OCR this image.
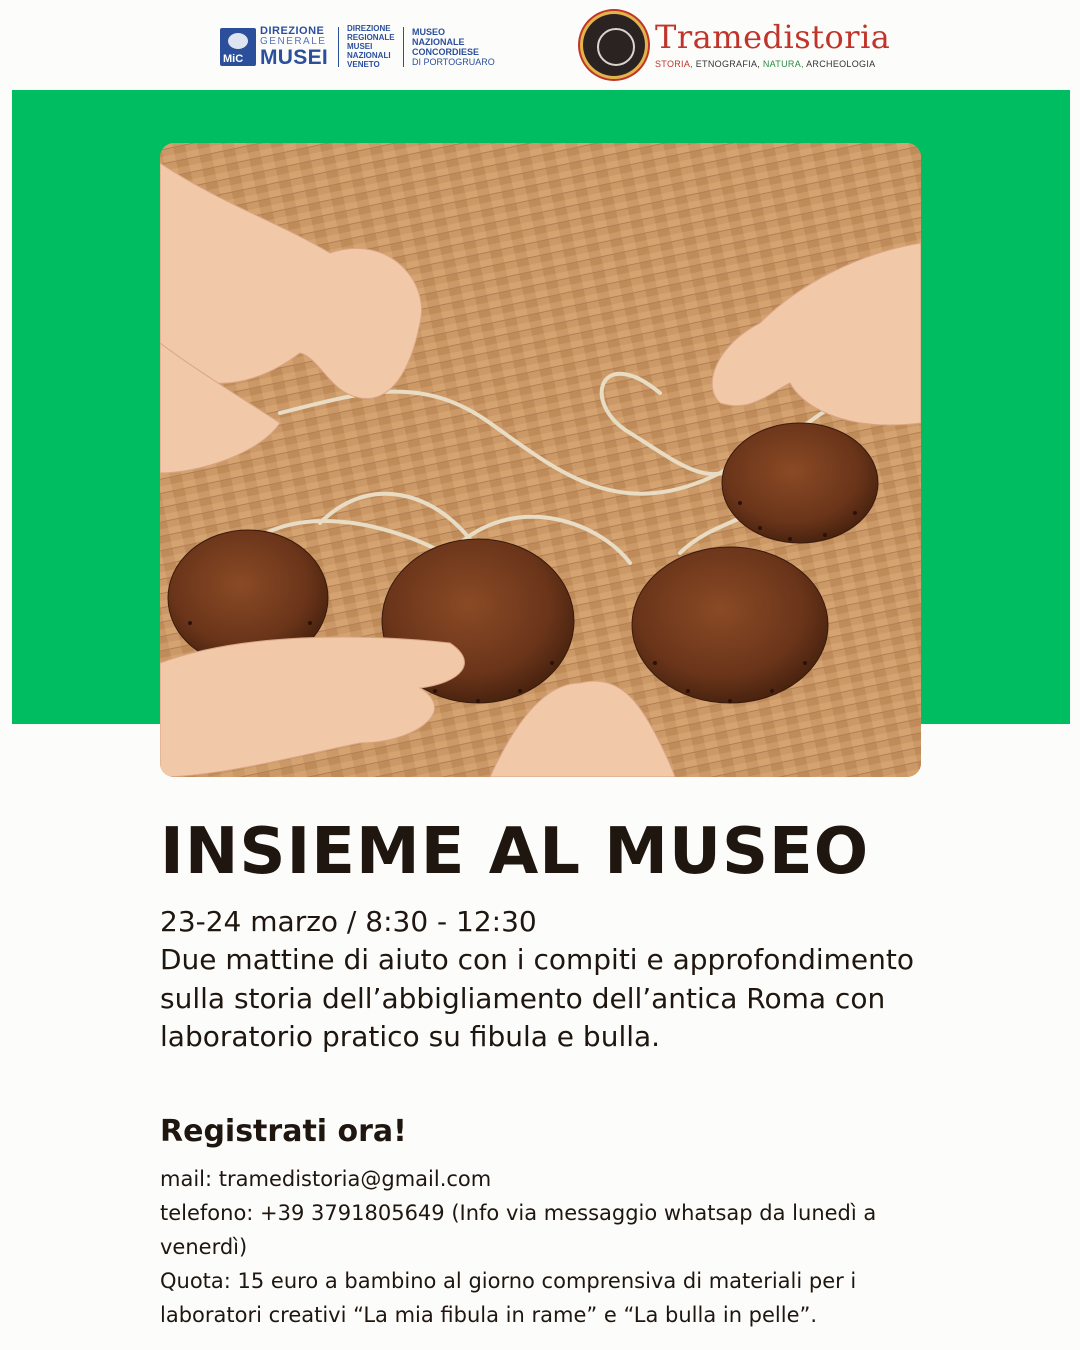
MiC
DIREZIONE
GENERALE
MUSEI
DIREZIONE
REGIONALE
MUSEI
NAZIONALI
VENETO
MUSEO
NAZIONALE
CONCORDIESE
DI PORTOGRUARO
Tramedistoria
STORIA, ETNOGRAFIA, NATURA, ARCHEOLOGIA
INSIEME AL MUSEO
23-24 marzo / 8:30 - 12:30

Due mattine di aiuto con i compiti e approfondimento sulla storia dell’abbigliamento dell’antica Roma con laboratorio pratico su fibula e bulla.

Registrati ora!
mail: tramedistoria@gmail.com
telefono: +39 3791805649 (Info via messaggio whatsap da lunedì a venerdì)
Quota: 15 euro a bambino al giorno comprensiva di materiali per i laboratori creativi “La mia fibula in rame” e “La bulla in pelle”.
